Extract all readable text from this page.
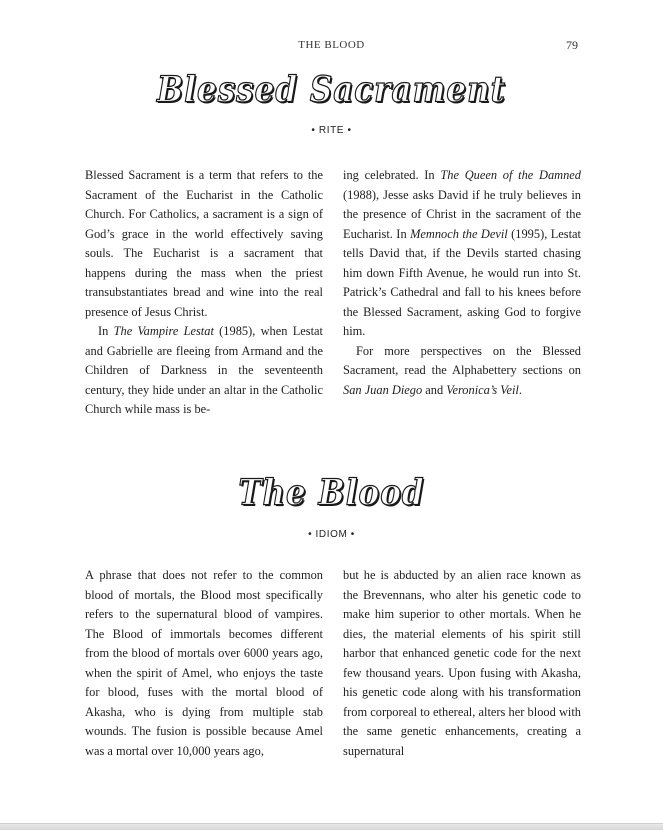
THE BLOOD	79
Blessed Sacrament
• RITE •

Blessed Sacrament is a term that refers to the Sacrament of the Eucharist in the Catholic Church. For Catholics, a sacrament is a sign of God’s grace in the world effectively saving souls. The Eucharist is a sacrament that happens during the mass when the priest transubstantiates bread and wine into the real presence of Jesus Christ.

In The Vampire Lestat (1985), when Lestat and Gabrielle are fleeing from Armand and the Children of Darkness in the seventeenth century, they hide under an altar in the Catholic Church while mass is be-

ing celebrated. In The Queen of the Damned (1988), Jesse asks David if he truly believes in the presence of Christ in the sacrament of the Eucharist. In Memnoch the Devil (1995), Lestat tells David that, if the Devils started chasing him down Fifth Avenue, he would run into St. Patrick’s Cathedral and fall to his knees before the Blessed Sacrament, asking God to forgive him.

For more perspectives on the Blessed Sacrament, read the Alphabettery sections on San Juan Diego and Veronica’s Veil.

The Blood
• IDIOM •

A phrase that does not refer to the common blood of mortals, the Blood most specifically refers to the supernatural blood of vampires. The Blood of immortals becomes different from the blood of mortals over 6000 years ago, when the spirit of Amel, who enjoys the taste for blood, fuses with the mortal blood of Akasha, who is dying from multiple stab wounds. The fusion is possible because Amel was a mortal over 10,000 years ago,

but he is abducted by an alien race known as the Brevennans, who alter his genetic code to make him superior to other mortals. When he dies, the material elements of his spirit still harbor that enhanced genetic code for the next few thousand years. Upon fusing with Akasha, his genetic code along with his transformation from corporeal to ethereal, alters her blood with the same genetic enhancements, creating a supernatural
